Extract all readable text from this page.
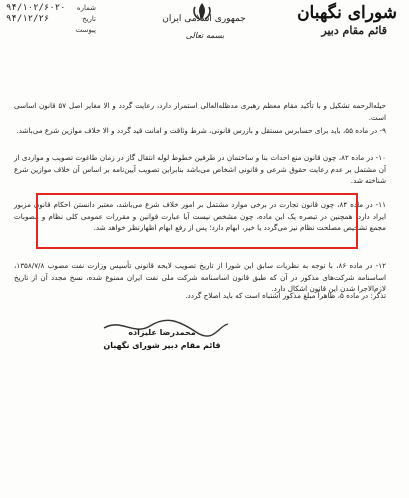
شورای نگهبان
قائم مقام دبیر
جمهوری اسلامی ایران
بسمه تعالی
شماره
۹۴/۱۰۲/۶۰۲۰
تاریخ
۹۴/۱۲/۲۶
پیوست
حیله‌الرحمه تشکیل و با تأکید مقام معظم رهبری مدظله‌العالی استمرار دارد، رعایت گردد و الا مغایر اصل ۵۷ قانون اساسی است.
۹- در ماده ۵۵، باید برای حسابرس مستقل و بازرس قانونی، شرط وثاقت و امانت قید گردد و الا خلاف موازین شرع می‌باشد.
۱۰- در ماده ۸۲، چون قانون منع احداث بنا و ساختمان در طرفین خطوط لوله انتقال گاز در زمان طاغوت تصویب و مواردی از آن مشتمل بر عدم رعایت حقوق شرعی و قانونی اشخاص می‌باشد بنابراین تصویب آیین‌نامه بر اساس آن خلاف موازین شرع شناخته شد.
۱۱- در ماده ۸۴، چون قانون تجارت در برخی موارد مشتمل بر امور خلاف شرع می‌باشد، معتبر دانستن احکام قانون مزبور ایراد دارد. همچنین در تبصره یک این ماده، چون مشخص نیست آیا عبارت قوانین و مقررات عمومی کلی نظام و مصوبات مجمع تشخیص مصلحت نظام نیز می‌گردد یا خیر، ابهام دارد؛ پس از رفع ابهام اظهارنظر خواهد شد.
۱۲- در ماده ۸۶، با توجه به نظریات سابق این شورا از تاریخ تصویب لایحه قانونی تأسیس وزارت نفت مصوب ۱۳۵۸/۷/۸، اساسنامه شرکت‌های مذکور در آن که طبق قانون اساسنامه شرکت ملی نفت ایران ممنوع شده، نسخ مجدد آن از تاریخ لازم‌الاجرا شدن این قانون اشکال دارد.
تذکر: در ماده ۵، ظاهراً مبلغ مذکور اشتباه است که باید اصلاح گردد.
محمدرضا علیزاده
قائم مقام دبیر شورای نگهبان
